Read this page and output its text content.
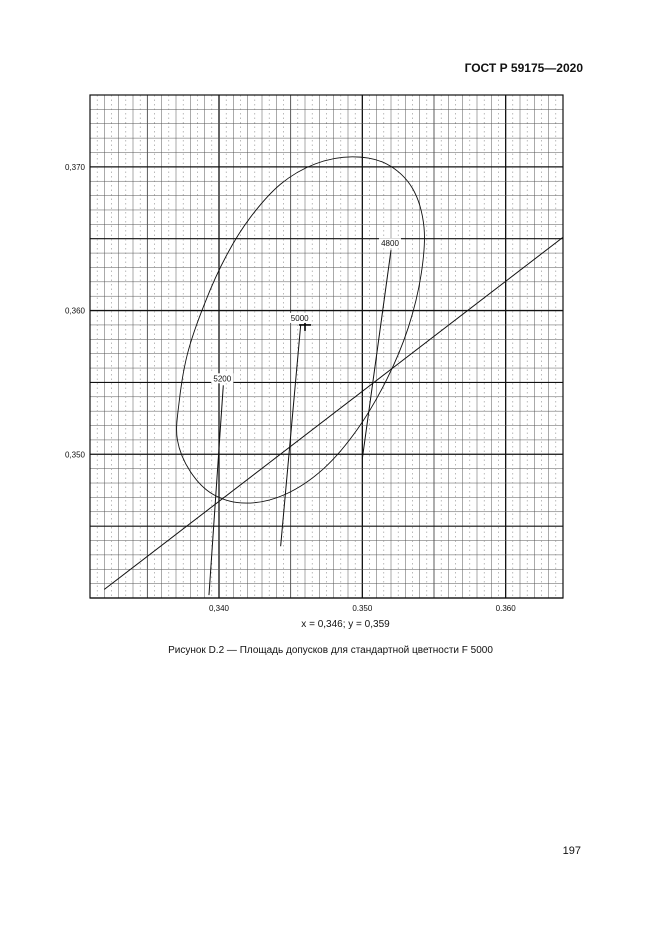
ГОСТ Р 59175—2020
0,340	0.350	0.360
0,370
0,360
0,350
4800
5000
5200
x = 0,346; y = 0,359
Рисунок D.2 — Площадь допусков для стандартной цветности F 5000
197
